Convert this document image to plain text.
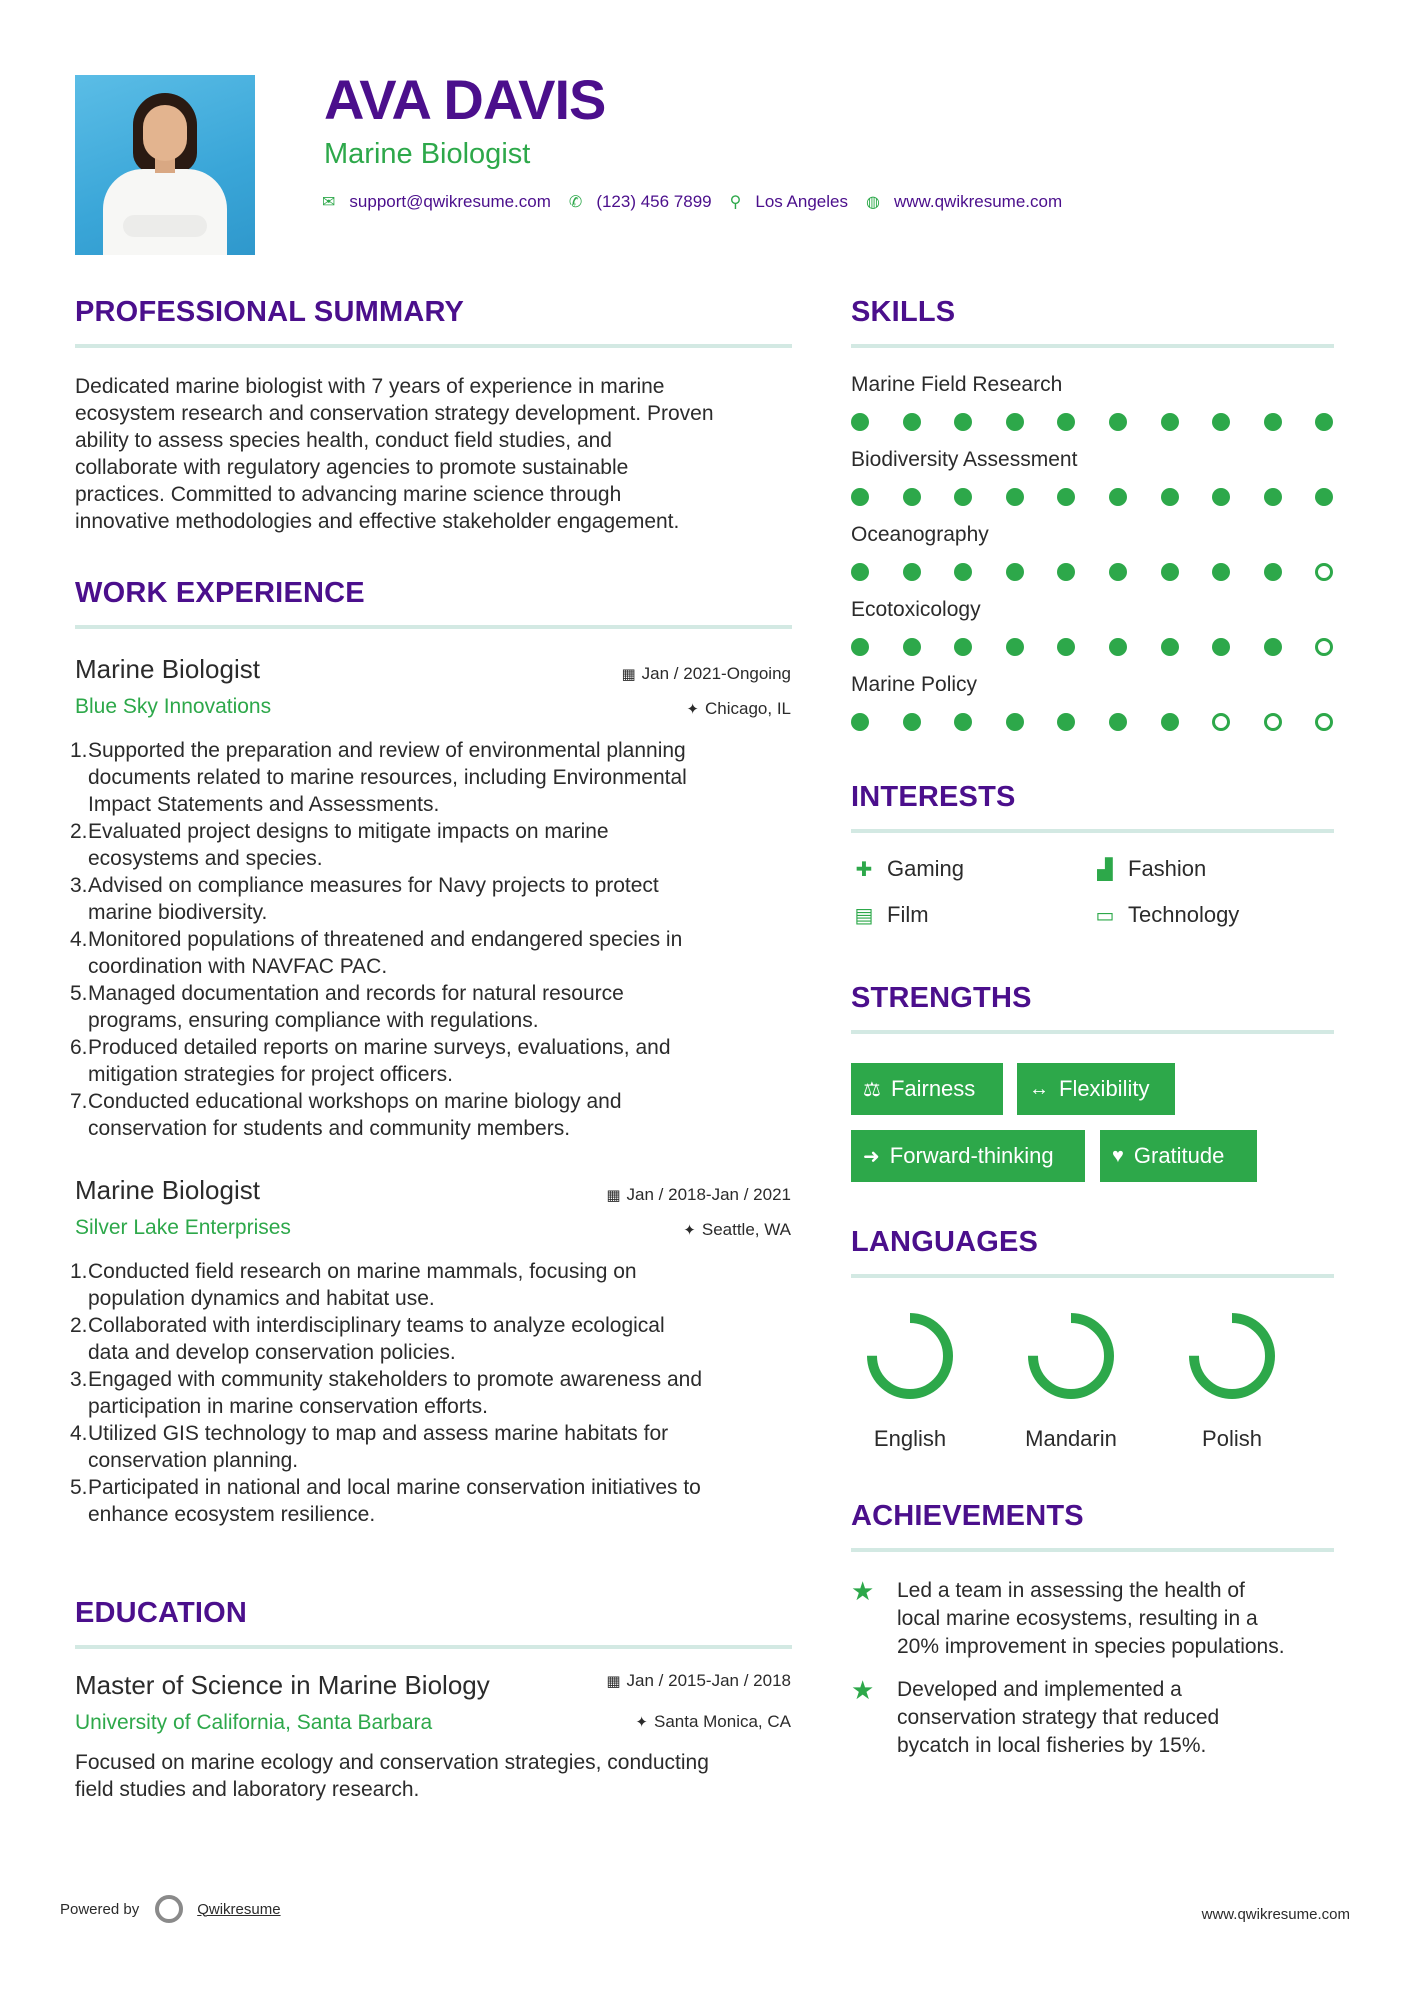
AVA DAVIS
Marine Biologist
✉ support@qwikresume.com ✆ (123) 456 7899 ⚲ Los Angeles ◍ www.qwikresume.com
PROFESSIONAL SUMMARY
Dedicated marine biologist with 7 years of experience in marine
ecosystem research and conservation strategy development. Proven
ability to assess species health, conduct field studies, and
collaborate with regulatory agencies to promote sustainable
practices. Committed to advancing marine science through
innovative methodologies and effective stakeholder engagement.
WORK EXPERIENCE
Marine Biologist
Blue Sky Innovations
▦ Jan / 2021-Ongoing
✦ Chicago, IL
1. Supported the preparation and review of environmental planning
documents related to marine resources, including Environmental
Impact Statements and Assessments.
2. Evaluated project designs to mitigate impacts on marine
ecosystems and species.
3. Advised on compliance measures for Navy projects to protect
marine biodiversity.
4. Monitored populations of threatened and endangered species in
coordination with NAVFAC PAC.
5. Managed documentation and records for natural resource
programs, ensuring compliance with regulations.
6. Produced detailed reports on marine surveys, evaluations, and
mitigation strategies for project officers.
7. Conducted educational workshops on marine biology and
conservation for students and community members.
Marine Biologist
Silver Lake Enterprises
▦ Jan / 2018-Jan / 2021
✦ Seattle, WA
1. Conducted field research on marine mammals, focusing on
population dynamics and habitat use.
2. Collaborated with interdisciplinary teams to analyze ecological
data and develop conservation policies.
3. Engaged with community stakeholders to promote awareness and
participation in marine conservation efforts.
4. Utilized GIS technology to map and assess marine habitats for
conservation planning.
5. Participated in national and local marine conservation initiatives to
enhance ecosystem resilience.
EDUCATION
Master of Science in Marine Biology
University of California, Santa Barbara
▦ Jan / 2015-Jan / 2018
✦ Santa Monica, CA
Focused on marine ecology and conservation strategies, conducting
field studies and laboratory research.
SKILLS
Marine Field Research
Biodiversity Assessment
Oceanography
Ecotoxicology
Marine Policy
INTERESTS
✚ Gaming	▟ Fashion
▤ Film	▭ Technology
STRENGTHS
⚖ Fairness	↔ Flexibility
➜ Forward-thinking	♥ Gratitude
LANGUAGES
English	Mandarin	Polish
ACHIEVEMENTS
★ Led a team in assessing the health of
local marine ecosystems, resulting in a
20% improvement in species populations.
★ Developed and implemented a
conservation strategy that reduced
bycatch in local fisheries by 15%.
Powered by	Qwikresume	www.qwikresume.com
